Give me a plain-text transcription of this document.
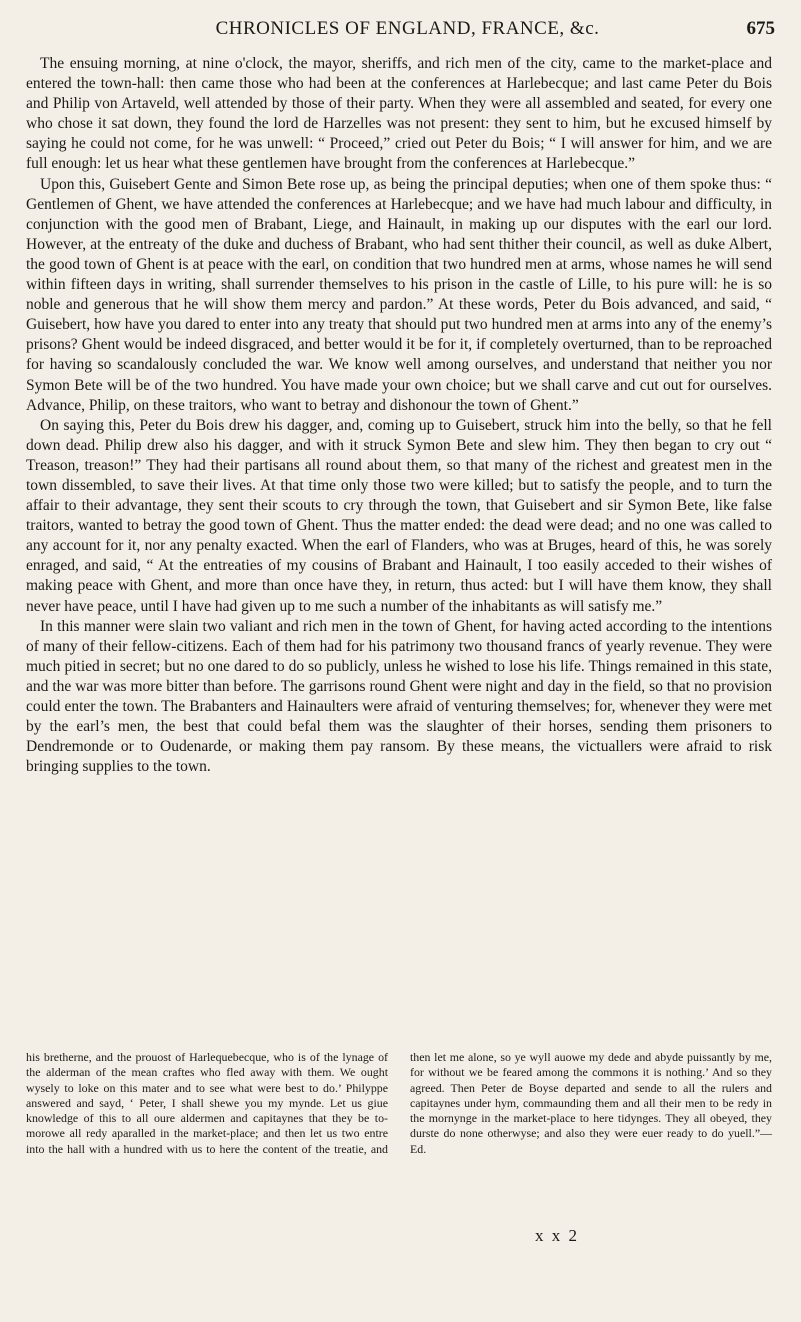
CHRONICLES OF ENGLAND, FRANCE, &c.	675

The ensuing morning, at nine o'clock, the mayor, sheriffs, and rich men of the city, came to the market-place and entered the town-hall: then came those who had been at the conferences at Harlebecque; and last came Peter du Bois and Philip von Artaveld, well attended by those of their party. When they were all assembled and seated, for every one who chose it sat down, they found the lord de Harzelles was not present: they sent to him, but he excused himself by saying he could not come, for he was unwell: “ Proceed,” cried out Peter du Bois; “ I will answer for him, and we are full enough: let us hear what these gentlemen have brought from the conferences at Harlebecque.”

Upon this, Guisebert Gente and Simon Bete rose up, as being the principal deputies; when one of them spoke thus: “ Gentlemen of Ghent, we have attended the conferences at Harlebecque; and we have had much labour and difficulty, in conjunction with the good men of Brabant, Liege, and Hainault, in making up our disputes with the earl our lord. However, at the entreaty of the duke and duchess of Brabant, who had sent thither their council, as well as duke Albert, the good town of Ghent is at peace with the earl, on condition that two hundred men at arms, whose names he will send within fifteen days in writing, shall surrender themselves to his prison in the castle of Lille, to his pure will: he is so noble and generous that he will show them mercy and pardon.” At these words, Peter du Bois advanced, and said, “ Guisebert, how have you dared to enter into any treaty that should put two hundred men at arms into any of the enemy’s prisons? Ghent would be indeed disgraced, and better would it be for it, if completely overturned, than to be reproached for having so scandalously concluded the war. We know well among ourselves, and understand that neither you nor Symon Bete will be of the two hundred. You have made your own choice; but we shall carve and cut out for ourselves. Advance, Philip, on these traitors, who want to betray and dishonour the town of Ghent.”

On saying this, Peter du Bois drew his dagger, and, coming up to Guisebert, struck him into the belly, so that he fell down dead. Philip drew also his dagger, and with it struck Symon Bete and slew him. They then began to cry out “ Treason, treason!” They had their partisans all round about them, so that many of the richest and greatest men in the town dissembled, to save their lives. At that time only those two were killed; but to satisfy the people, and to turn the affair to their advantage, they sent their scouts to cry through the town, that Guisebert and sir Symon Bete, like false traitors, wanted to betray the good town of Ghent. Thus the matter ended: the dead were dead; and no one was called to any account for it, nor any penalty exacted. When the earl of Flanders, who was at Bruges, heard of this, he was sorely enraged, and said, “ At the entreaties of my cousins of Brabant and Hainault, I too easily acceded to their wishes of making peace with Ghent, and more than once have they, in return, thus acted: but I will have them know, they shall never have peace, until I have had given up to me such a number of the inhabitants as will satisfy me.”

In this manner were slain two valiant and rich men in the town of Ghent, for having acted according to the intentions of many of their fellow-citizens. Each of them had for his patrimony two thousand francs of yearly revenue. They were much pitied in secret; but no one dared to do so publicly, unless he wished to lose his life. Things remained in this state, and the war was more bitter than before. The garrisons round Ghent were night and day in the field, so that no provision could enter the town. The Brabanters and Hainaulters were afraid of venturing themselves; for, whenever they were met by the earl’s men, the best that could befal them was the slaughter of their horses, sending them prisoners to Dendremonde or to Oudenarde, or making them pay ransom. By these means, the victuallers were afraid to risk bringing supplies to the town.

his bretherne, and the prouost of Harlequebecque, who is of the lynage of the alderman of the mean craftes who fled away with them. We ought wysely to loke on this mater and to see what were best to do.’ Philyppe answered and sayd, ‘ Peter, I shall shewe you my mynde. Let us giue knowledge of this to all oure aldermen and capitaynes that they be to-morowe all redy aparalled in the market-place; and then let us two entre into the hall with a hundred with us to here the content of the treatie, and then let me alone, so ye wyll auowe my dede and abyde puissantly by me, for without we be feared among the commons it is nothing.’ And so they agreed. Then Peter de Boyse departed and sende to all the rulers and capitaynes under hym, commaunding them and all their men to be redy in the mornynge in the market-place to here tidynges. They all obeyed, they durste do none otherwyse; and also they were euer ready to do yuell.”— Ed.

x x 2
